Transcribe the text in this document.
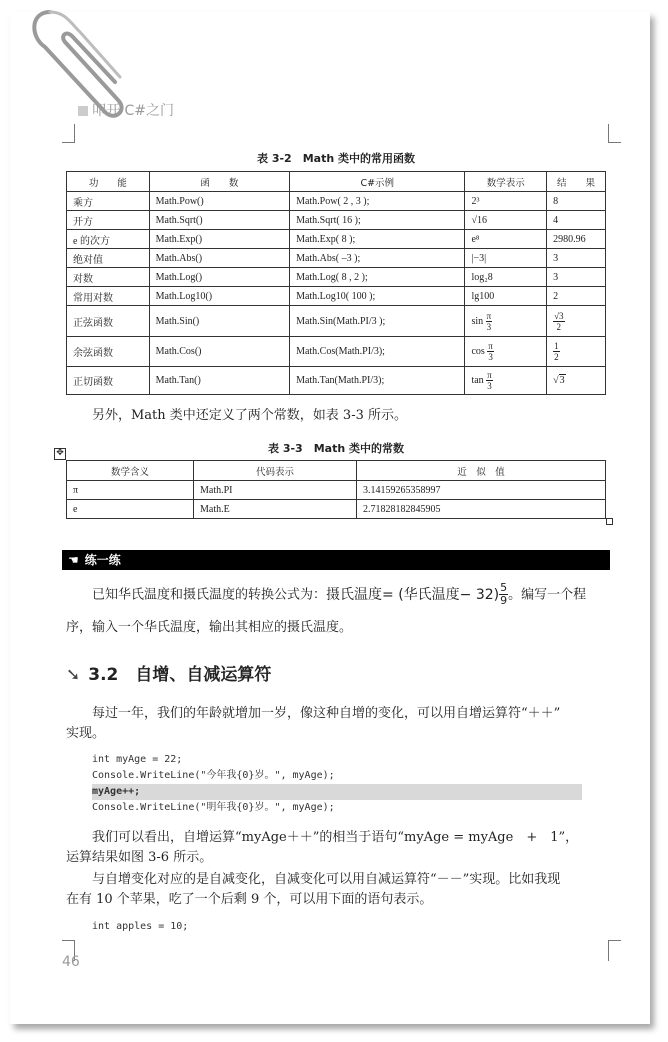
叩开 C#之门
表 3-2　Math 类中的常用函数
功　　能	函　　数	C#示例	数学表示	结　　果
乘方	Math.Pow()	Math.Pow( 2 , 3 );	2³	8
开方	Math.Sqrt()	Math.Sqrt( 16 );	√16	4
e 的次方	Math.Exp()	Math.Exp( 8 );	e⁸	2980.96
绝对值	Math.Abs()	Math.Abs( –3 );	|−3|	3
对数	Math.Log()	Math.Log( 8 , 2 );	log₂8	3
常用对数	Math.Log10()	Math.Log10( 100 );	lg100	2
正弦函数	Math.Sin()	Math.Sin(Math.PI/3 );	$\sin \frac{\pi}{3}$	$\frac{√3}{2}$

余弦函数	Math.Cos()	Math.Cos(Math.PI/3);	$\cos \frac{\pi}{3}$	$\frac{1}{2}$

正切函数	Math.Tan()	Math.Tan(Math.PI/3);	$\tan \frac{\pi}{3}$	√3
另外，Math 类中还定义了两个常数，如表 3-3 所示。
表 3-3　Math 类中的常数
✥
数学含义	代码表示	近　似　值
π	Math.PI	3.14159265358997
e	Math.E	2.71828182845905
☚ 练一练
已知华氏温度和摄氏温度的转换公式为：摄氏温度= (华氏温度− $32) \frac{5}{9}$ 。编写一个程
序，输入一个华氏温度，输出其相应的摄氏温度。
➘ 3.2　 自增、自减运算符
每过一年，我们的年龄就增加一岁，像这种自增的变化，可以用自增运算符“＋＋”
实现。
int myAge = 22;
Console.WriteLine("今年我{0}岁。", myAge);
myAge++;
Console.WriteLine("明年我{0}岁。", myAge);
我们可以看出，自增运算“myAge＋＋”的相当于语句“myAge = myAge　+　1”，
运算结果如图 3-6 所示。
与自增变化对应的是自减变化，自减变化可以用自减运算符“－－”实现。比如我现
在有 10 个苹果，吃了一个后剩 9 个，可以用下面的语句表示。
int apples = 10;
46
